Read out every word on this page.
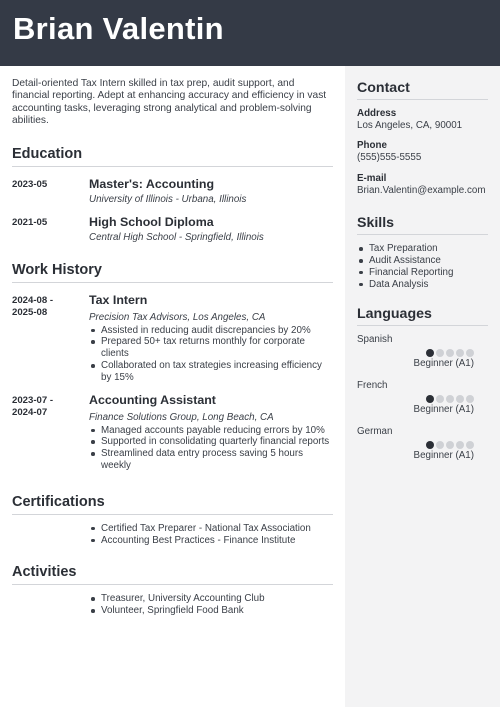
Brian Valentin
Detail-oriented Tax Intern skilled in tax prep, audit support, and financial reporting. Adept at enhancing accuracy and efficiency in vast accounting tasks, leveraging strong analytical and problem-solving abilities.
Education
2023-05	Master's: Accounting
University of Illinois - Urbana, Illinois
2021-05	High School Diploma
Central High School - Springfield, Illinois
Work History
2024-08 -
2025-08
Tax Intern
Precision Tax Advisors, Los Angeles, CA
Assisted in reducing audit discrepancies by 20%
Prepared 50+ tax returns monthly for corporate clients
Collaborated on tax strategies increasing efficiency by 15%
2023-07 -
2024-07
Accounting Assistant
Finance Solutions Group, Long Beach, CA
Managed accounts payable reducing errors by 10%
Supported in consolidating quarterly financial reports
Streamlined data entry process saving 5 hours weekly
Certifications
Certified Tax Preparer - National Tax Association
Accounting Best Practices - Finance Institute
Activities
Treasurer, University Accounting Club
Volunteer, Springfield Food Bank
Contact
Address
Los Angeles, CA, 90001
Phone
(555)555-5555
E-mail
Brian.Valentin@example.com
Skills
Tax Preparation
Audit Assistance
Financial Reporting
Data Analysis
Languages
Spanish
Beginner (A1)
French
Beginner (A1)
German
Beginner (A1)
